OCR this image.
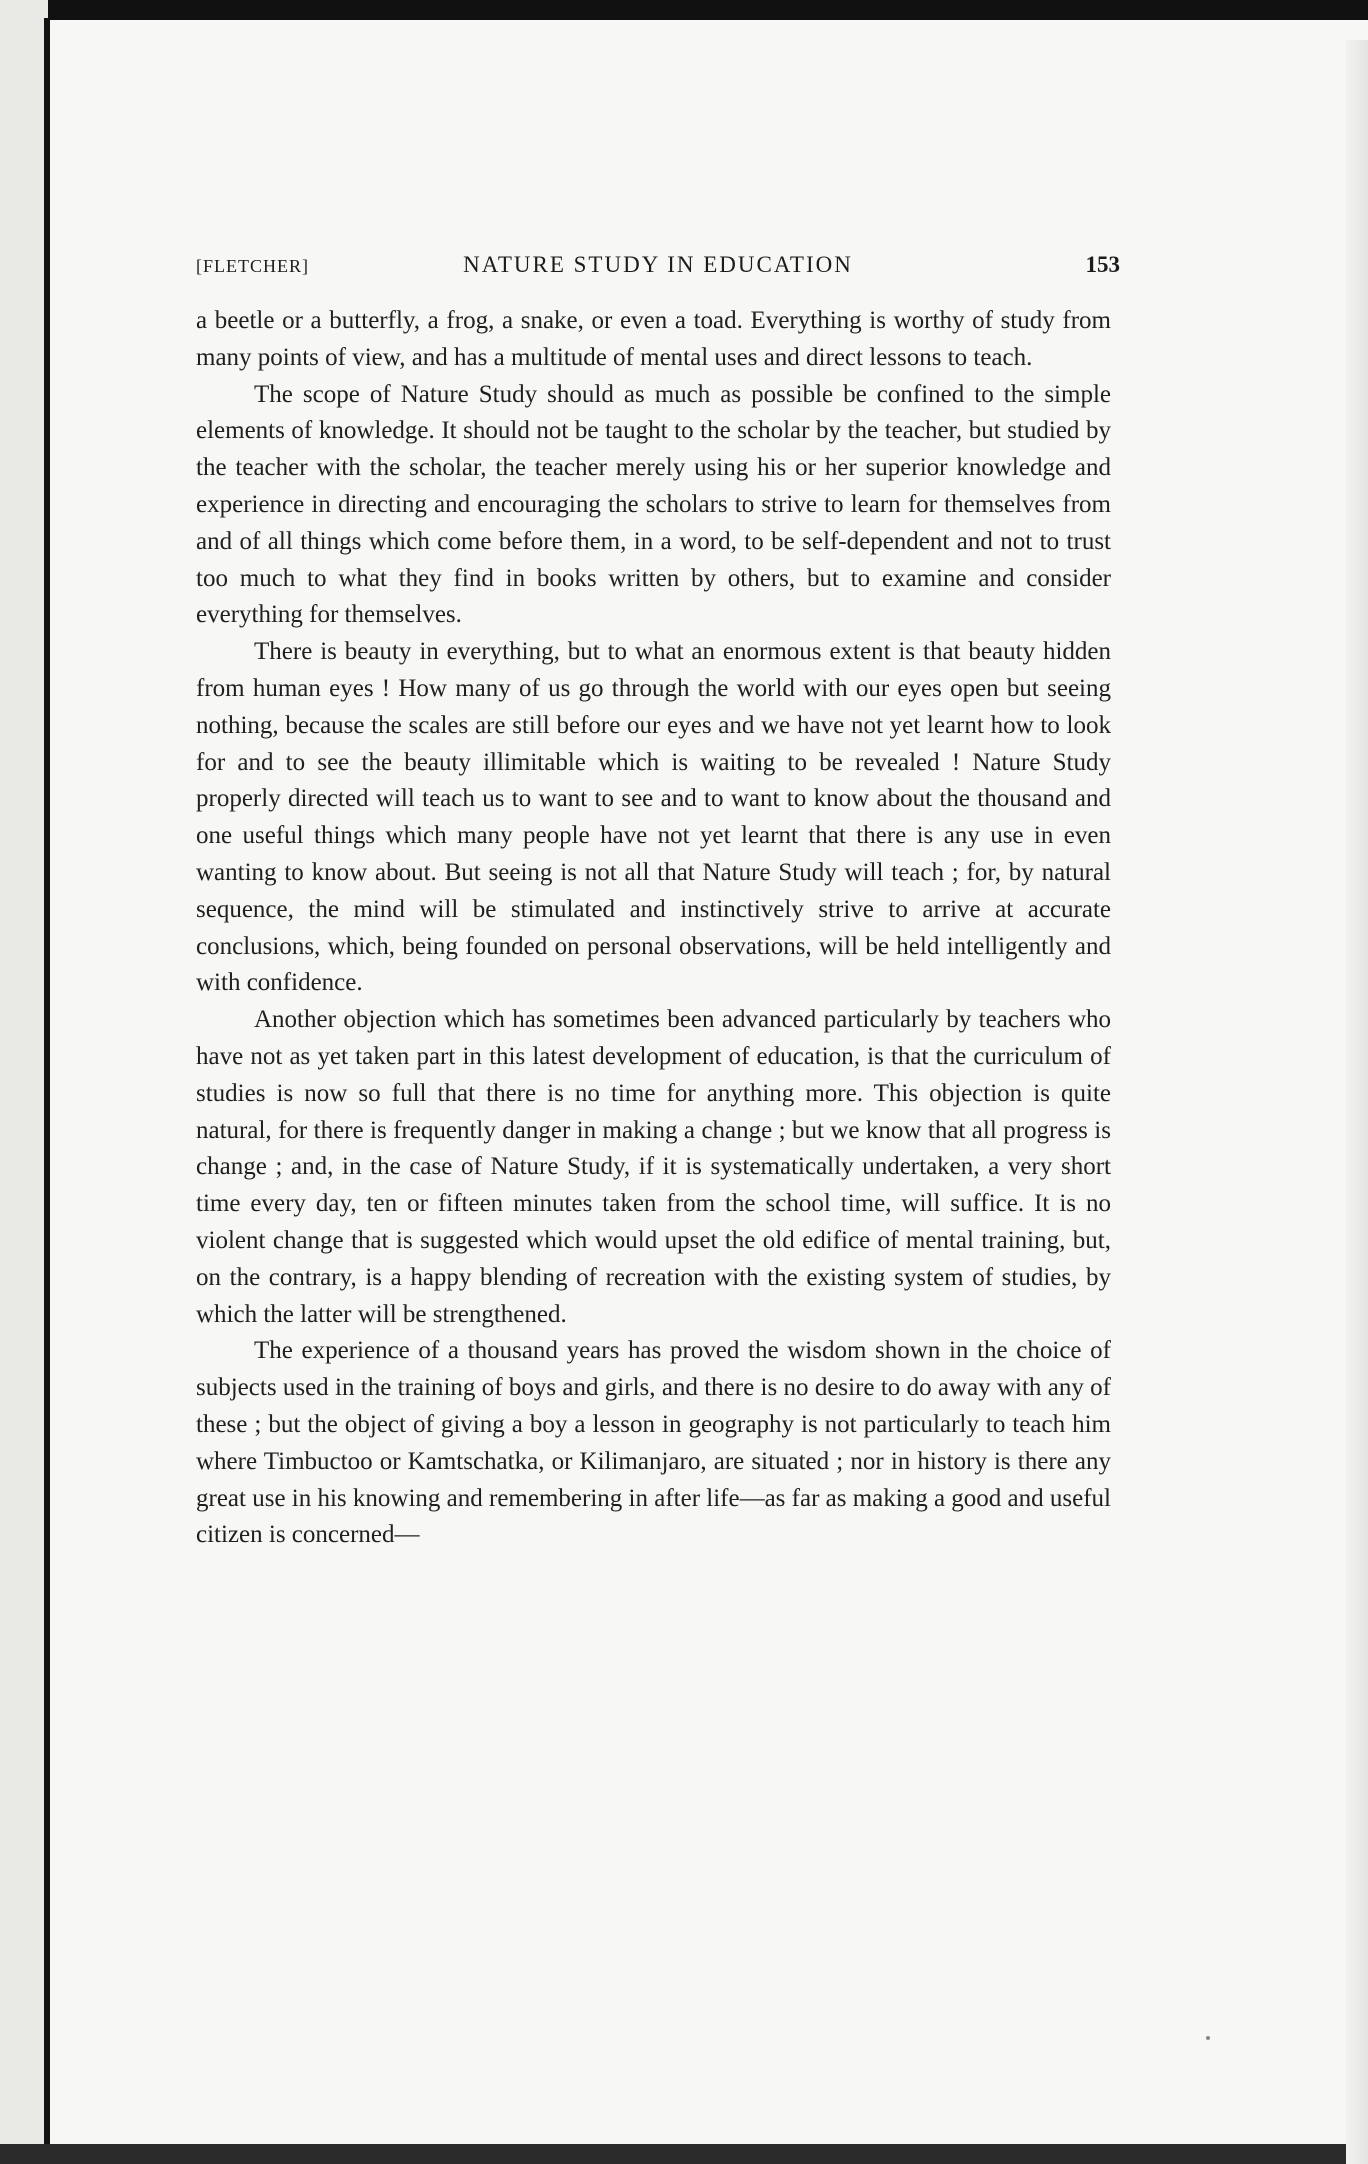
[FLETCHER]	NATURE STUDY IN EDUCATION	153

a beetle or a butterfly, a frog, a snake, or even a toad. Everything is worthy of study from many points of view, and has a multitude of mental uses and direct lessons to teach.

The scope of Nature Study should as much as possible be confined to the simple elements of knowledge. It should not be taught to the scholar by the teacher, but studied by the teacher with the scholar, the teacher merely using his or her superior knowledge and experience in directing and encouraging the scholars to strive to learn for themselves from and of all things which come before them, in a word, to be self-dependent and not to trust too much to what they find in books written by others, but to examine and consider everything for themselves.

There is beauty in everything, but to what an enormous extent is that beauty hidden from human eyes ! How many of us go through the world with our eyes open but seeing nothing, because the scales are still before our eyes and we have not yet learnt how to look for and to see the beauty illimitable which is waiting to be revealed ! Nature Study properly directed will teach us to want to see and to want to know about the thousand and one useful things which many people have not yet learnt that there is any use in even wanting to know about. But seeing is not all that Nature Study will teach ; for, by natural sequence, the mind will be stimulated and instinctively strive to arrive at accurate conclusions, which, being founded on personal observations, will be held intelligently and with confidence.

Another objection which has sometimes been advanced particularly by teachers who have not as yet taken part in this latest development of education, is that the curriculum of studies is now so full that there is no time for anything more. This objection is quite natural, for there is frequently danger in making a change ; but we know that all progress is change ; and, in the case of Nature Study, if it is systematically undertaken, a very short time every day, ten or fifteen minutes taken from the school time, will suffice. It is no violent change that is suggested which would upset the old edifice of mental training, but, on the contrary, is a happy blending of recreation with the existing system of studies, by which the latter will be strengthened.

The experience of a thousand years has proved the wisdom shown in the choice of subjects used in the training of boys and girls, and there is no desire to do away with any of these ; but the object of giving a boy a lesson in geography is not particularly to teach him where Timbuctoo or Kamtschatka, or Kilimanjaro, are situated ; nor in history is there any great use in his knowing and remembering in after life—as far as making a good and useful citizen is concerned—
